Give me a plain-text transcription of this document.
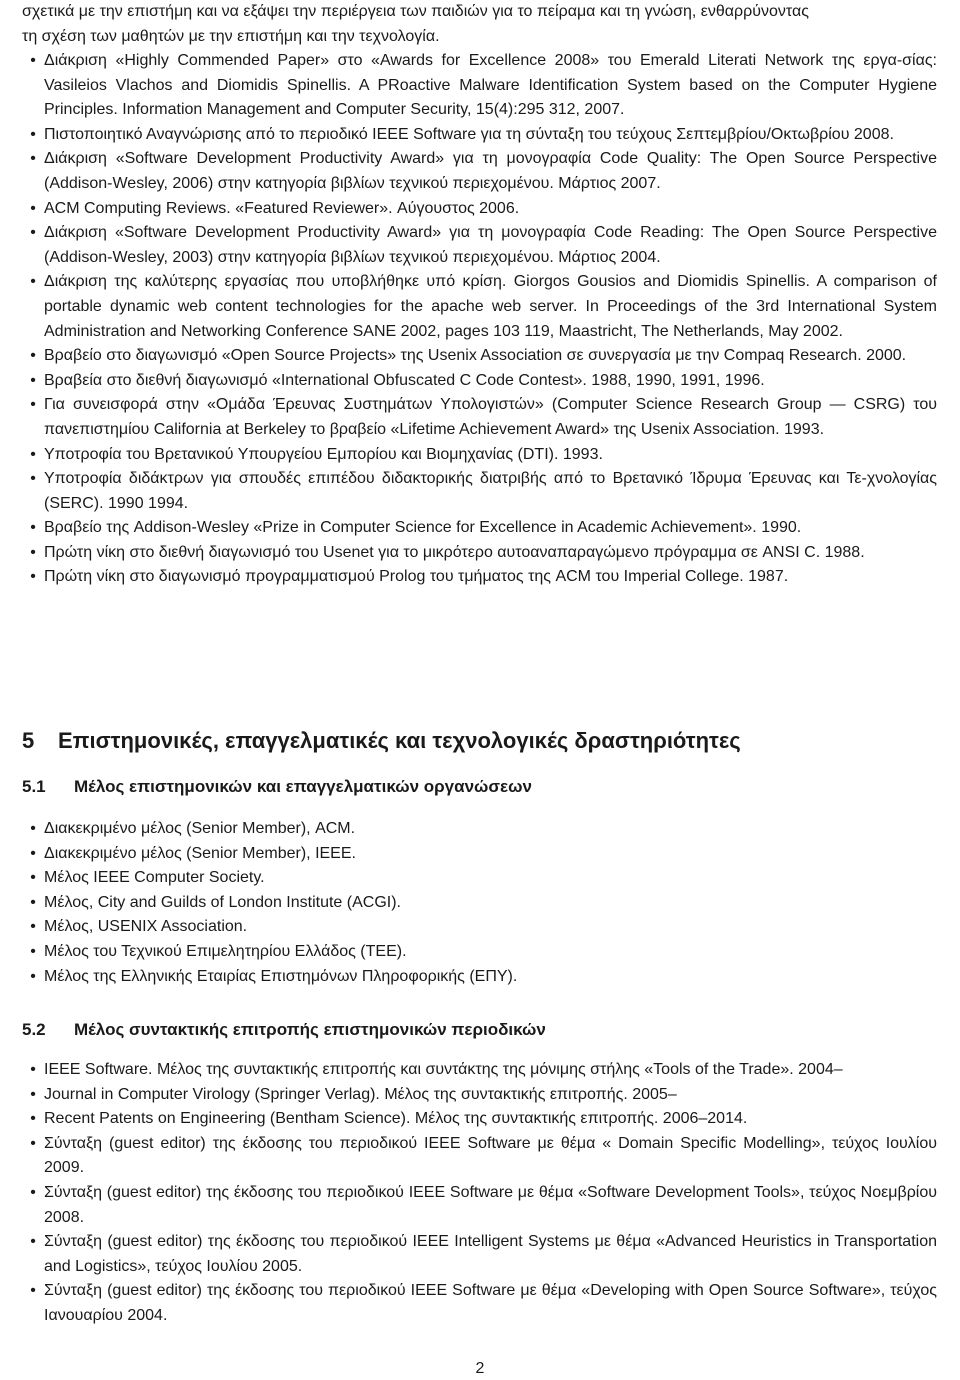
σχετικά με την επιστήμη και να εξάψει την περιέργεια των παιδιών για το πείραμα και τη γνώση, ενθαρρύνοντας

τη σχέση των μαθητών με την επιστήμη και την τεχνολογία.

• Διάκριση «Highly Commended Paper» στο «Awards for Excellence 2008» του Emerald Literati Network της εργα-σίας: Vasileios Vlachos and Diomidis Spinellis. A PRoactive Malware Identification System based on the Computer Hygiene Principles. Information Management and Computer Security, 15(4):295 312, 2007.
• Πιστοποιητικό Αναγνώρισης από το περιοδικό IEEE Software για τη σύνταξη του τεύχους Σεπτεμβρίου/Οκτωβρίου 2008.
• Διάκριση «Software Development Productivity Award» για τη μονογραφία Code Quality: The Open Source Perspective (Addison-Wesley, 2006) στην κατηγορία βιβλίων τεχνικού περιεχομένου. Μάρτιος 2007.
• ACM Computing Reviews. «Featured Reviewer». Αύγουστος 2006.
• Διάκριση «Software Development Productivity Award» για τη μονογραφία Code Reading: The Open Source Perspective (Addison-Wesley, 2003) στην κατηγορία βιβλίων τεχνικού περιεχομένου. Μάρτιος 2004.
• Διάκριση της καλύτερης εργασίας που υποβλήθηκε υπό κρίση. Giorgos Gousios and Diomidis Spinellis. A comparison of portable dynamic web content technologies for the apache web server. In Proceedings of the 3rd International System Administration and Networking Conference SANE 2002, pages 103 119, Maastricht, The Netherlands, May 2002.
• Βραβείο στο διαγωνισμό «Open Source Projects» της Usenix Association σε συνεργασία με την Compaq Research. 2000.
• Βραβεία στο διεθνή διαγωνισμό «International Obfuscated C Code Contest». 1988, 1990, 1991, 1996.
• Για συνεισφορά στην «Ομάδα Έρευνας Συστημάτων Υπολογιστών» (Computer Science Research Group — CSRG) του πανεπιστημίου California at Berkeley το βραβείο «Lifetime Achievement Award» της Usenix Association. 1993.
• Υποτροφία του Βρετανικού Υπουργείου Εμπορίου και Βιομηχανίας (DTI). 1993.
• Υποτροφία διδάκτρων για σπουδές επιπέδου διδακτορικής διατριβής από το Βρετανικό Ίδρυμα Έρευνας και Τε-χνολογίας (SERC). 1990 1994.
• Βραβείο της Addison-Wesley «Prize in Computer Science for Excellence in Academic Achievement». 1990.
• Πρώτη νίκη στο διεθνή διαγωνισμό του Usenet για το μικρότερο αυτοαναπαραγώμενο πρόγραμμα σε ANSI C. 1988.
• Πρώτη νίκη στο διαγωνισμό προγραμματισμού Prolog του τμήματος της ACM του Imperial College. 1987.
5 Επιστημονικές, επαγγελματικές και τεχνολογικές δραστηριότητες
5.1 Μέλος επιστημονικών και επαγγελματικών οργανώσεων
• Διακεκριμένο μέλος (Senior Member), ACM.
• Διακεκριμένο μέλος (Senior Member), IEEE.
• Μέλος IEEE Computer Society.
• Μέλος, City and Guilds of London Institute (ACGI).
• Μέλος, USENIX Association.
• Μέλος του Τεχνικού Επιμελητηρίου Ελλάδος (ΤΕΕ).
• Μέλος της Ελληνικής Εταιρίας Επιστημόνων Πληροφορικής (ΕΠΥ).
5.2 Μέλος συντακτικής επιτροπής επιστημονικών περιοδικών
• IEEE Software. Μέλος της συντακτικής επιτροπής και συντάκτης της μόνιμης στήλης «Tools of the Trade». 2004–
• Journal in Computer Virology (Springer Verlag). Μέλος της συντακτικής επιτροπής. 2005–
• Recent Patents on Engineering (Bentham Science). Μέλος της συντακτικής επιτροπής. 2006–2014.
• Σύνταξη (guest editor) της έκδοσης του περιοδικού IEEE Software με θέμα « Domain Specific Modelling», τεύχος Ιουλίου 2009.
• Σύνταξη (guest editor) της έκδοσης του περιοδικού IEEE Software με θέμα «Software Development Tools», τεύχος Νοεμβρίου 2008.
• Σύνταξη (guest editor) της έκδοσης του περιοδικού IEEE Intelligent Systems με θέμα «Advanced Heuristics in Transportation and Logistics», τεύχος Ιουλίου 2005.
• Σύνταξη (guest editor) της έκδοσης του περιοδικού IEEE Software με θέμα «Developing with Open Source Software», τεύχος Ιανουαρίου 2004.
2
